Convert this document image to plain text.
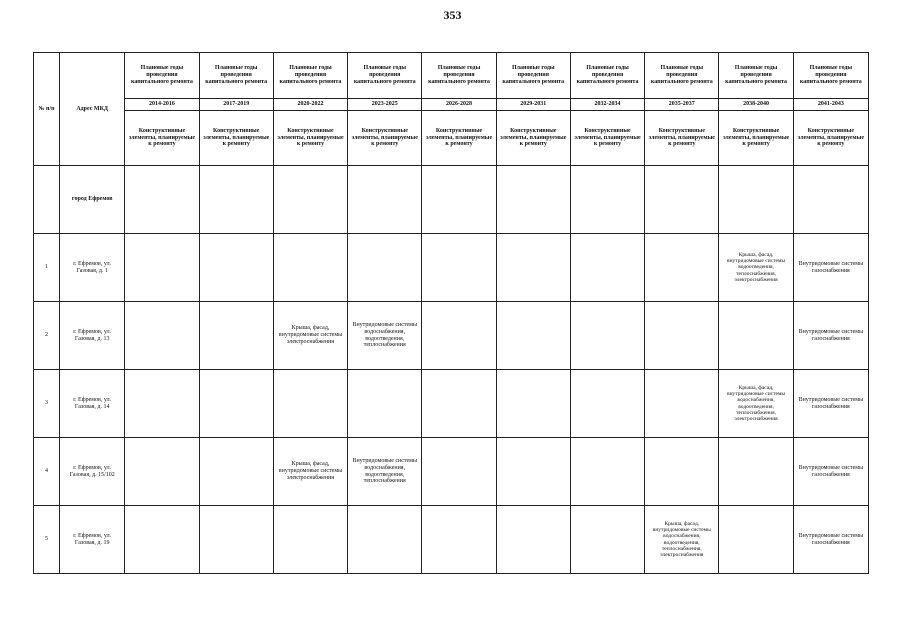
353
№ п/п	Адрес МКД	Плановые годы проведения капитального ремонта	Плановые годы проведения капитального ремонта	Плановые годы проведения капитального ремонта	Плановые годы проведения капитального ремонта	Плановые годы проведения капитального ремонта	Плановые годы проведения капитального ремонта	Плановые годы проведения капитального ремонта	Плановые годы проведения капитального ремонта	Плановые годы проведения капитального ремонта	Плановые годы проведения капитального ремонта
		2014-2016	2017-2019	2020-2022	2023-2025	2026-2028	2029-2031	2032-2034	2035-2037	2038-2040	2041-2043
		Конструктивные элементы, планируемые к ремонту	Конструктивные элементы, планируемые к ремонту	Конструктивные элементы, планируемые к ремонту	Конструктивные элементы, планируемые к ремонту	Конструктивные элементы, планируемые к ремонту	Конструктивные элементы, планируемые к ремонту	Конструктивные элементы, планируемые к ремонту	Конструктивные элементы, планируемые к ремонту	Конструктивные элементы, планируемые к ремонту	Конструктивные элементы, планируемые к ремонту
	город Ефремов										
1	г. Ефремов, ул. Газовая, д. 1									Крыша, фасад, внутридомовые системы водоотведения, теплоснабжения, электроснабжения	Внутридомовые системы газоснабжения
2	г. Ефремов, ул. Газовая, д. 13			Крыша, фасад, внутридомовые системы электроснабжения	Внутридомовые системы водоснабжения, водоотведения, теплоснабжения						Внутридомовые системы газоснабжения
3	г. Ефремов, ул. Газовая, д. 14									Крыша, фасад, внутридомовые системы водоснабжения, водоотведения, теплоснабжения, электроснабжения	Внутридомовые системы газоснабжения
4	г. Ефремов, ул. Газовая, д. 15/102			Крыша, фасад, внутридомовые системы электроснабжения	Внутридомовые системы водоснабжения, водоотведения, теплоснабжения						Внутридомовые системы газоснабжения
5	г. Ефремов, ул. Газовая, д. 19								Крыша, фасад, внутридомовые системы водоснабжения, водоотведения, теплоснабжения, электроснабжения		Внутридомовые системы газоснабжения
